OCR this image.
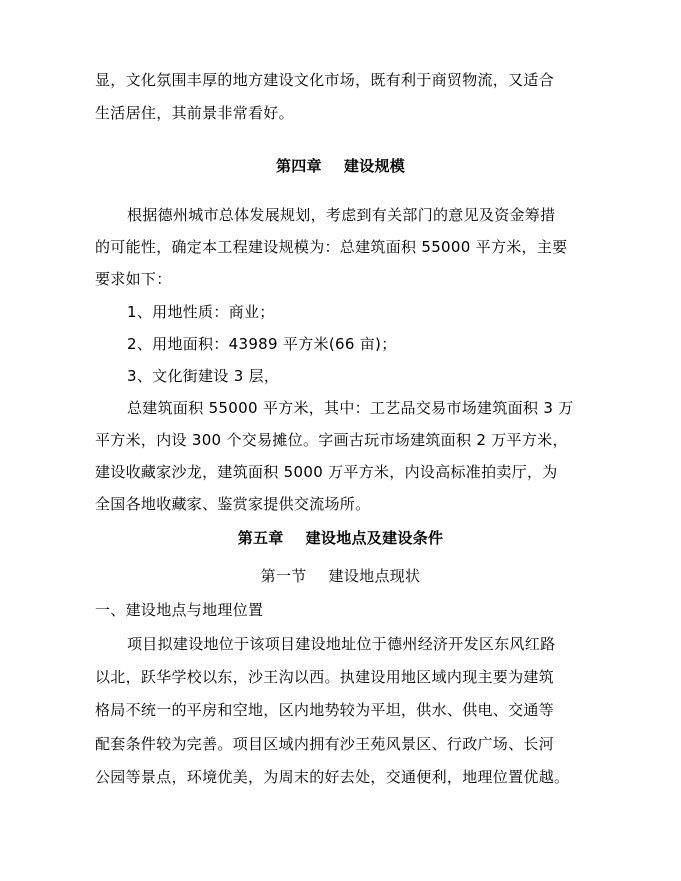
显，文化氛围丰厚的地方建设文化市场，既有利于商贸物流，又适合
生活居住，其前景非常看好。
第四章 建设规模
根据德州城市总体发展规划，考虑到有关部门的意见及资金筹措
的可能性，确定本工程建设规模为：总建筑面积 55000 平方米，主要
要求如下：
1、用地性质：商业；
2、用地面积：43989 平方米(66 亩)；
3、文化街建设 3 层，
总建筑面积 55000 平方米，其中：工艺品交易市场建筑面积 3 万
平方米，内设 300 个交易摊位。字画古玩市场建筑面积 2 万平方米，
建设收藏家沙龙，建筑面积 5000 万平方米，内设高标准拍卖厅，为
全国各地收藏家、鉴赏家提供交流场所。
第五章 建设地点及建设条件
第一节 建设地点现状
一、建设地点与地理位置
项目拟建设地位于该项目建设地址位于德州经济开发区东风红路
以北，跃华学校以东，沙王沟以西。执建设用地区域内现主要为建筑
格局不统一的平房和空地，区内地势较为平坦，供水、供电、交通等
配套条件较为完善。项目区域内拥有沙王苑风景区、行政广场、长河
公园等景点，环境优美，为周末的好去处，交通便利，地理位置优越。
